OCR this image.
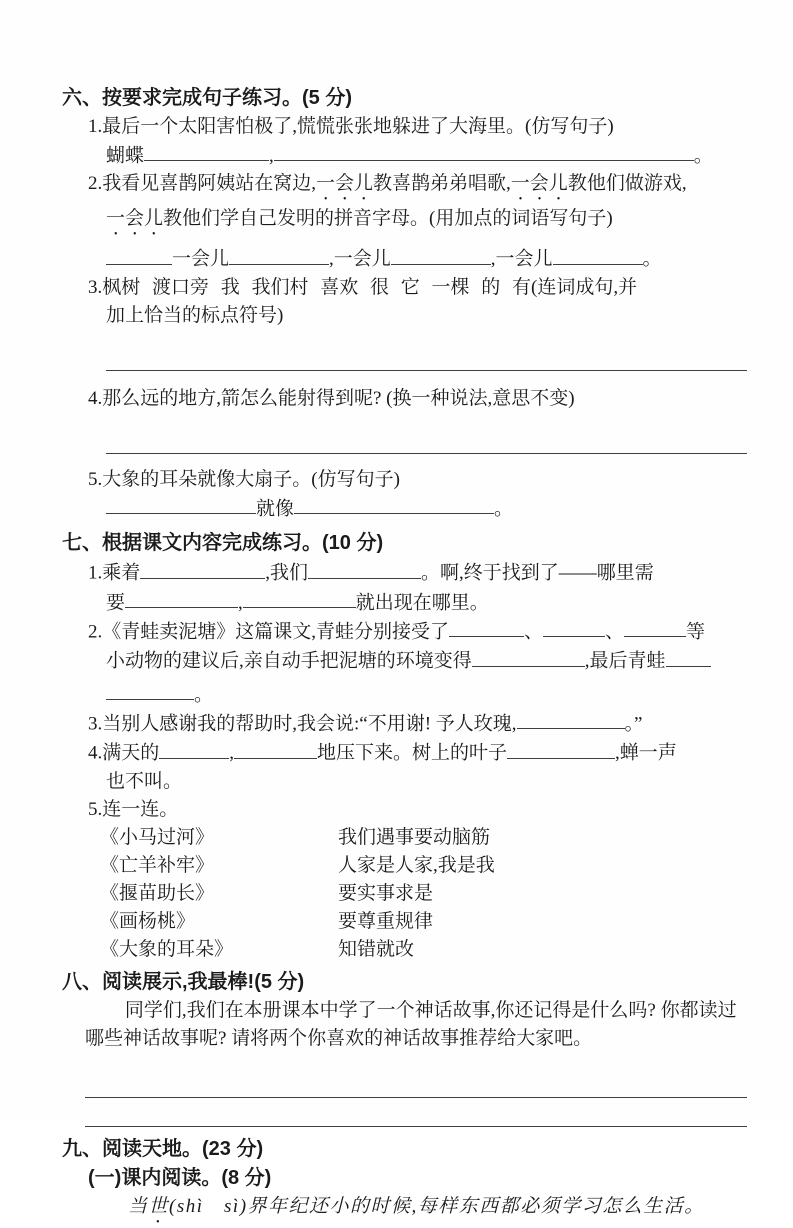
六、按要求完成句子练习。(5 分)
1.最后一个太阳害怕极了,慌慌张张地躲进了大海里。(仿写句子)
蝴蝶	,	。
2.我看见喜鹊阿姨站在窝边,一会儿教喜鹊弟弟唱歌,一会儿教他们做游戏,
一会儿教他们学自己发明的拼音字母。(用加点的词语写句子)
一会儿	,一会儿	,一会儿	。
3.枫树 渡口旁 我 我们村 喜欢 很 它 一棵 的 有(连词成句,并
加上恰当的标点符号)
4.那么远的地方,箭怎么能射得到呢? (换一种说法,意思不变)
5.大象的耳朵就像大扇子。(仿写句子)
就像	。
七、根据课文内容完成练习。(10 分)
1.乘着	,我们	。啊,终于找到了——哪里需
要	,	就出现在哪里。
2.《青蛙卖泥塘》这篇课文,青蛙分别接受了	、	、	等
小动物的建议后,亲自动手把泥塘的环境变得	,最后青蛙
。
3.当别人感谢我的帮助时,我会说:“不用谢! 予人玫瑰,	。”
4.满天的	,	地压下来。树上的叶子	,蝉一声
也不叫。
5.连一连。
《小马过河》	我们遇事要动脑筋
《亡羊补牢》	人家是人家,我是我
《揠苗助长》	要实事求是
《画杨桃》	要尊重规律
《大象的耳朵》	知错就改
八、阅读展示,我最棒!(5 分)
同学们,我们在本册课本中学了一个神话故事,你还记得是什么吗? 你都读过哪些神话故事呢? 请将两个你喜欢的神话故事推荐给大家吧。
九、阅读天地。(23 分)
(一)课内阅读。(8 分)
当世(shì　sì)界年纪还小的时候,每样东西都必须学习怎么生活。
